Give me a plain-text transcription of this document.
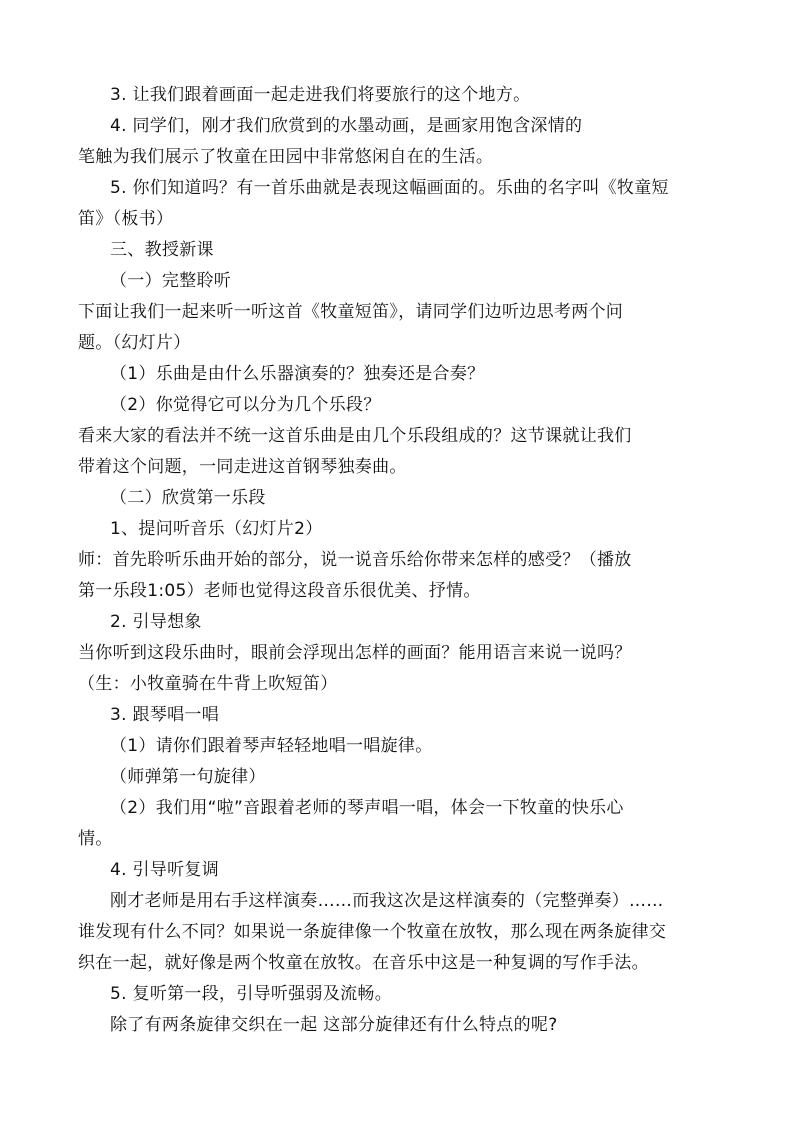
3. 让我们跟着画面一起走进我们将要旅行的这个地方。
4. 同学们，刚才我们欣赏到的水墨动画，是画家用饱含深情的
笔触为我们展示了牧童在田园中非常悠闲自在的生活。
5. 你们知道吗？有一首乐曲就是表现这幅画面的。乐曲的名字叫《牧童短
笛》（板书）
三、教授新课
（一）完整聆听
下面让我们一起来听一听这首《牧童短笛》，请同学们边听边思考两个问
题。（幻灯片）
（1）乐曲是由什么乐器演奏的？独奏还是合奏？
（2）你觉得它可以分为几个乐段？
看来大家的看法并不统一这首乐曲是由几个乐段组成的？这节课就让我们
带着这个问题，一同走进这首钢琴独奏曲。
（二）欣赏第一乐段
1、提问听音乐（幻灯片2）
师：首先聆听乐曲开始的部分，说一说音乐给你带来怎样的感受？（播放
第一乐段1:05）老师也觉得这段音乐很优美、抒情。
2. 引导想象
当你听到这段乐曲时，眼前会浮现出怎样的画面？能用语言来说一说吗？
（生：小牧童骑在牛背上吹短笛）
3. 跟琴唱一唱
（1）请你们跟着琴声轻轻地唱一唱旋律。
（师弹第一句旋律）
（2）我们用“啦”音跟着老师的琴声唱一唱，体会一下牧童的快乐心
情。
4. 引导听复调
刚才老师是用右手这样演奏……而我这次是这样演奏的（完整弹奏）……
谁发现有什么不同？如果说一条旋律像一个牧童在放牧，那么现在两条旋律交
织在一起，就好像是两个牧童在放牧。在音乐中这是一种复调的写作手法。
5. 复听第一段，引导听强弱及流畅。
除了有两条旋律交织在一起 这部分旋律还有什么特点的呢?
